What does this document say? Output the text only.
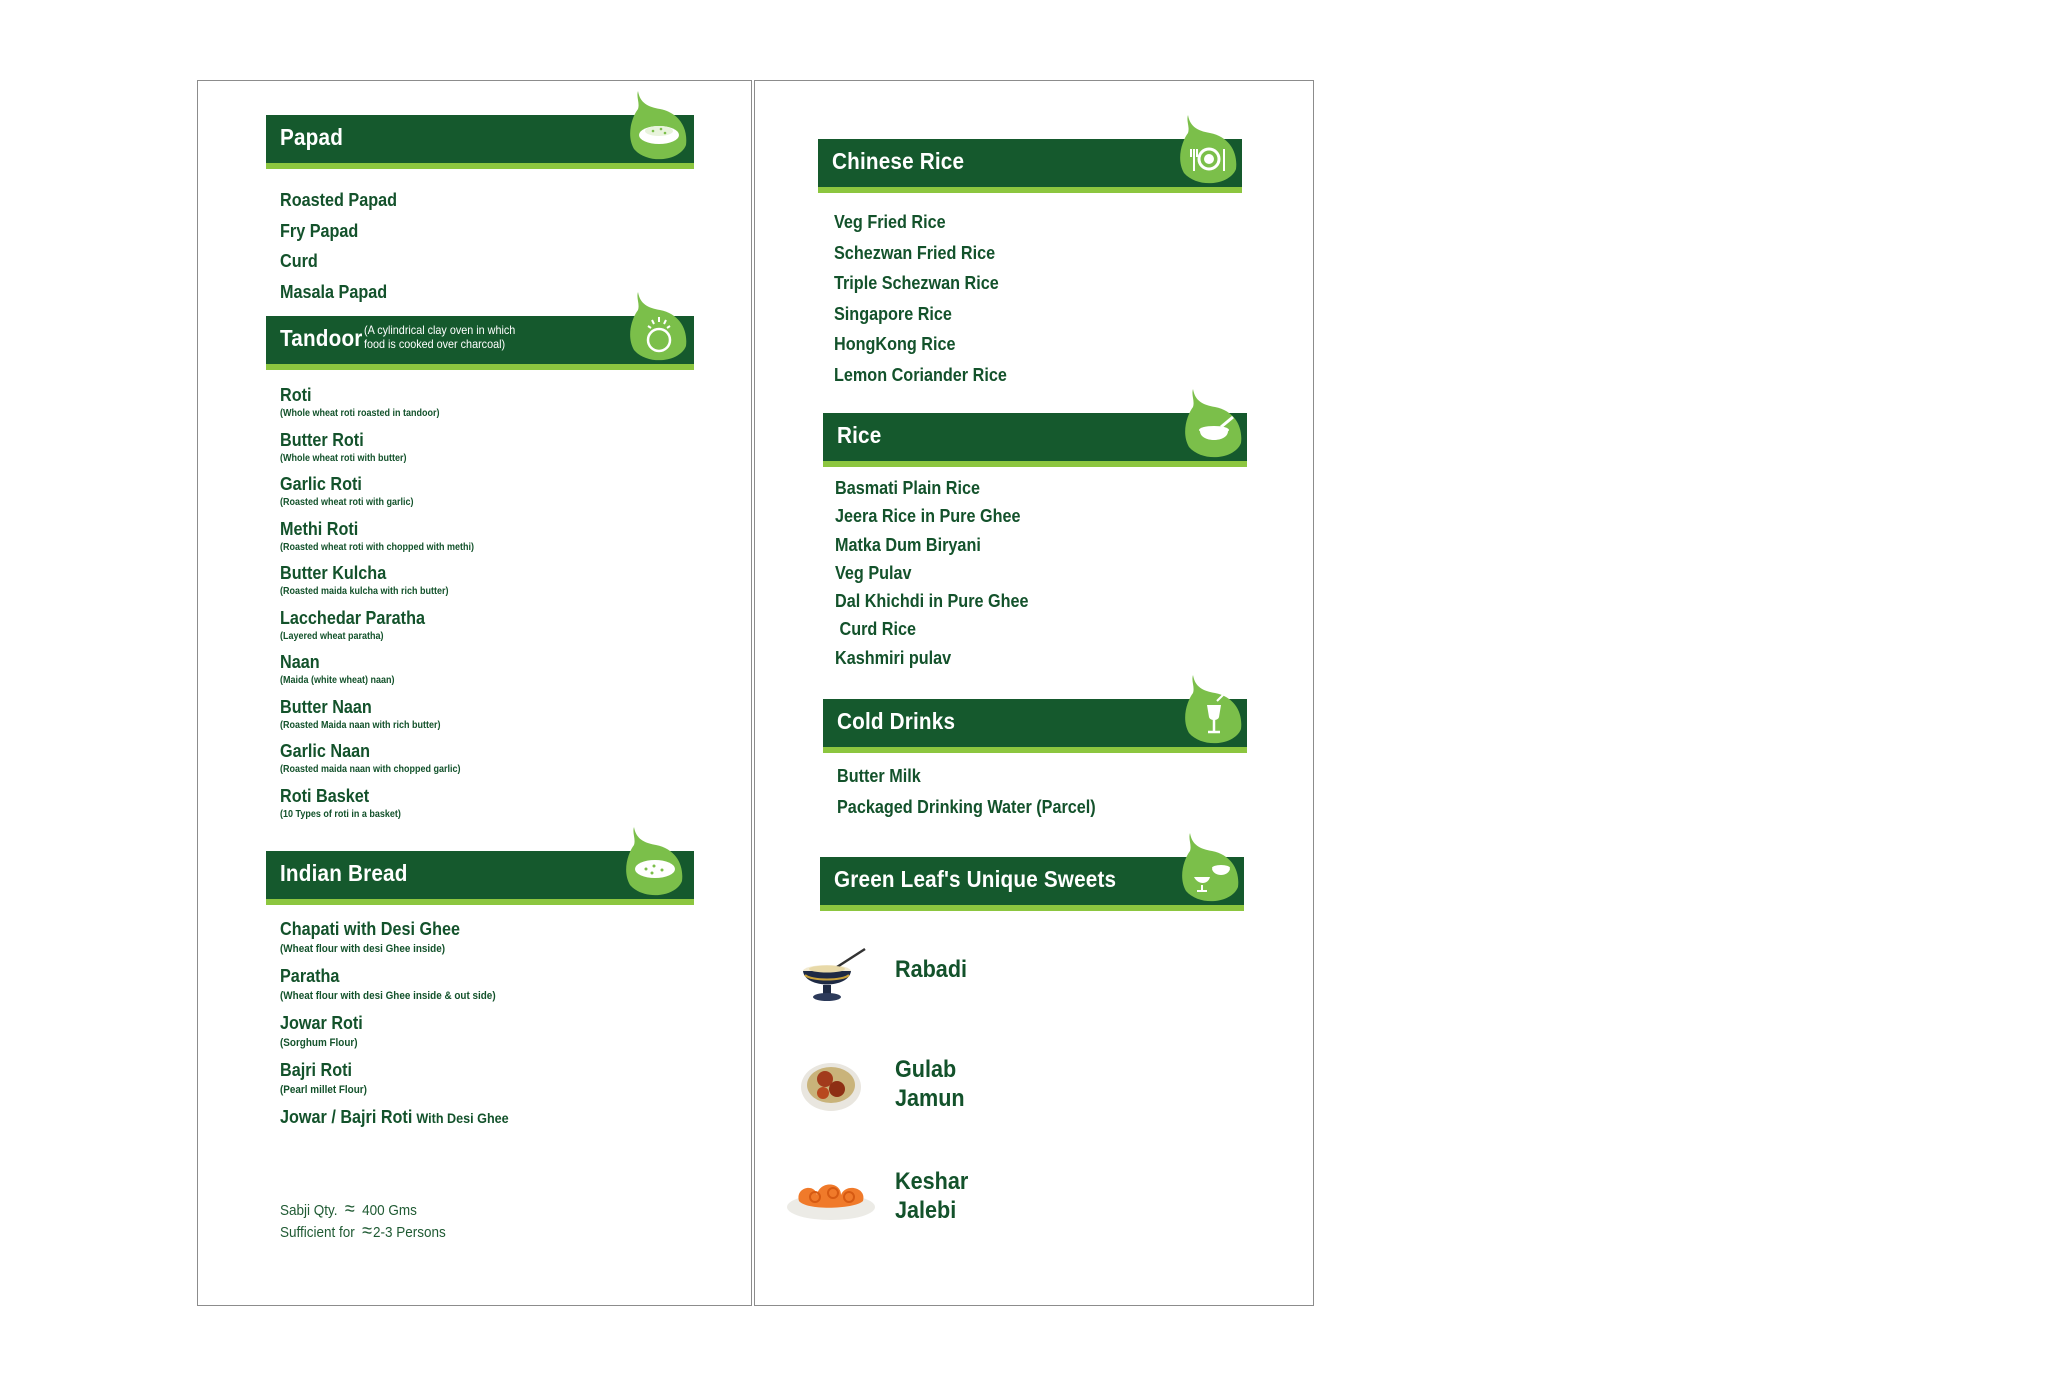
Papad
Roasted Papad
Fry Papad
Curd
Masala Papad
Tandoor (A cylindrical clay oven in which
food is cooked over charcoal)
Roti
(Whole wheat roti roasted in tandoor)
Butter Roti
(Whole wheat roti with butter)
Garlic Roti
(Roasted wheat roti with garlic)
Methi Roti
(Roasted wheat roti with chopped with methi)
Butter Kulcha
(Roasted maida kulcha with rich butter)
Lacchedar Paratha
(Layered wheat paratha)
Naan
(Maida (white wheat) naan)
Butter Naan
(Roasted Maida naan with rich butter)
Garlic Naan
(Roasted maida naan with chopped garlic)
Roti Basket
(10 Types of roti in a basket)
Indian Bread
Chapati with Desi Ghee
(Wheat flour with desi Ghee inside)
Paratha
(Wheat flour with desi Ghee inside & out side)
Jowar Roti
(Sorghum Flour)
Bajri Roti
(Pearl millet Flour)
Jowar / Bajri Roti With Desi Ghee
Sabji Qty. ≈ 400 Gms
Sufficient for ≈2-3 Persons
Chinese Rice
Veg Fried Rice
Schezwan Fried Rice
Triple Schezwan Rice
Singapore Rice
HongKong Rice
Lemon Coriander Rice
Rice
Basmati Plain Rice
Jeera Rice in Pure Ghee
Matka Dum Biryani
Veg Pulav
Dal Khichdi in Pure Ghee
Curd Rice
Kashmiri pulav
Cold Drinks
Butter Milk
Packaged Drinking Water (Parcel)
Green Leaf's Unique Sweets
Rabadi
Gulab
Jamun
Keshar
Jalebi
